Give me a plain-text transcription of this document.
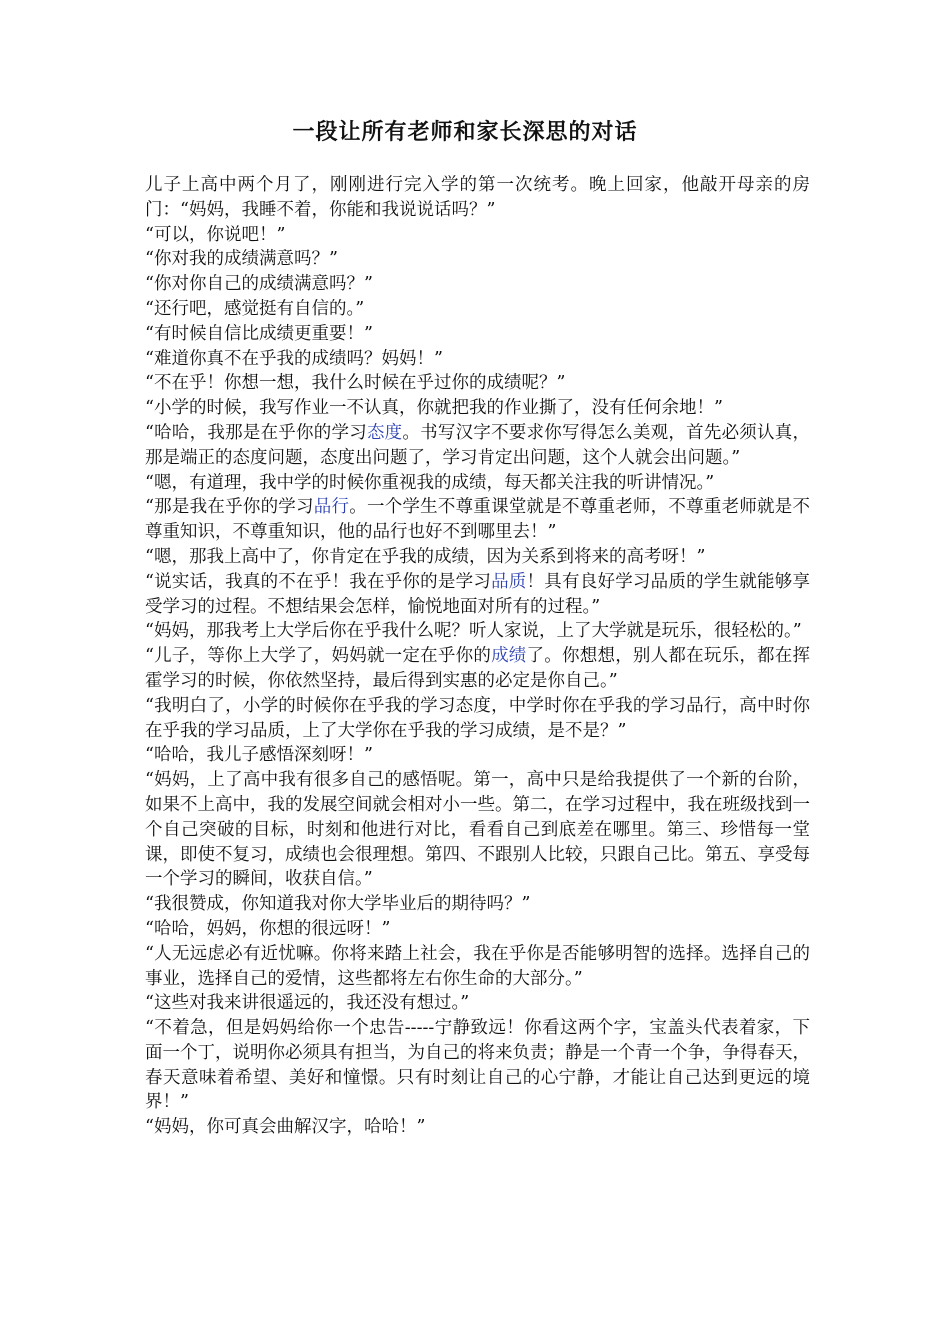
一段让所有老师和家长深思的对话

儿子上高中两个月了，刚刚进行完入学的第一次统考。晚上回家，他敲开母亲的房门：“妈妈，我睡不着，你能和我说说话吗？”

“可以，你说吧！”

“你对我的成绩满意吗？”

“你对你自己的成绩满意吗？”

“还行吧，感觉挺有自信的。”

“有时候自信比成绩更重要！”

“难道你真不在乎我的成绩吗？妈妈！”

“不在乎！你想一想，我什么时候在乎过你的成绩呢？”

“小学的时候，我写作业一不认真，你就把我的作业撕了，没有任何余地！”

“哈哈，我那是在乎你的学习态度。书写汉字不要求你写得怎么美观，首先必须认真，那是端正的态度问题，态度出问题了，学习肯定出问题，这个人就会出问题。”

“嗯，有道理，我中学的时候你重视我的成绩，每天都关注我的听讲情况。”

“那是我在乎你的学习品行。一个学生不尊重课堂就是不尊重老师，不尊重老师就是不尊重知识，不尊重知识，他的品行也好不到哪里去！”

“嗯，那我上高中了，你肯定在乎我的成绩，因为关系到将来的高考呀！”

“说实话，我真的不在乎！我在乎你的是学习品质！具有良好学习品质的学生就能够享受学习的过程。不想结果会怎样，愉悦地面对所有的过程。”

“妈妈，那我考上大学后你在乎我什么呢？听人家说，上了大学就是玩乐，很轻松的。”

“儿子，等你上大学了，妈妈就一定在乎你的成绩了。你想想，别人都在玩乐，都在挥霍学习的时候，你依然坚持，最后得到实惠的必定是你自己。”

“我明白了，小学的时候你在乎我的学习态度，中学时你在乎我的学习品行，高中时你在乎我的学习品质，上了大学你在乎我的学习成绩，是不是？”

“哈哈，我儿子感悟深刻呀！”

“妈妈，上了高中我有很多自己的感悟呢。第一，高中只是给我提供了一个新的台阶，如果不上高中，我的发展空间就会相对小一些。第二，在学习过程中，我在班级找到一个自己突破的目标，时刻和他进行对比，看看自己到底差在哪里。第三、珍惜每一堂课，即使不复习，成绩也会很理想。第四、不跟别人比较，只跟自己比。第五、享受每一个学习的瞬间，收获自信。”

“我很赞成，你知道我对你大学毕业后的期待吗？”

“哈哈，妈妈，你想的很远呀！”

“人无远虑必有近忧嘛。你将来踏上社会，我在乎你是否能够明智的选择。选择自己的事业，选择自己的爱情，这些都将左右你生命的大部分。”

“这些对我来讲很遥远的，我还没有想过。”

“不着急，但是妈妈给你一个忠告-----宁静致远！你看这两个字，宝盖头代表着家，下面一个丁，说明你必须具有担当，为自己的将来负责；静是一个青一个争，争得春天，春天意味着希望、美好和憧憬。只有时刻让自己的心宁静，才能让自己达到更远的境界！”

“妈妈，你可真会曲解汉字，哈哈！”
